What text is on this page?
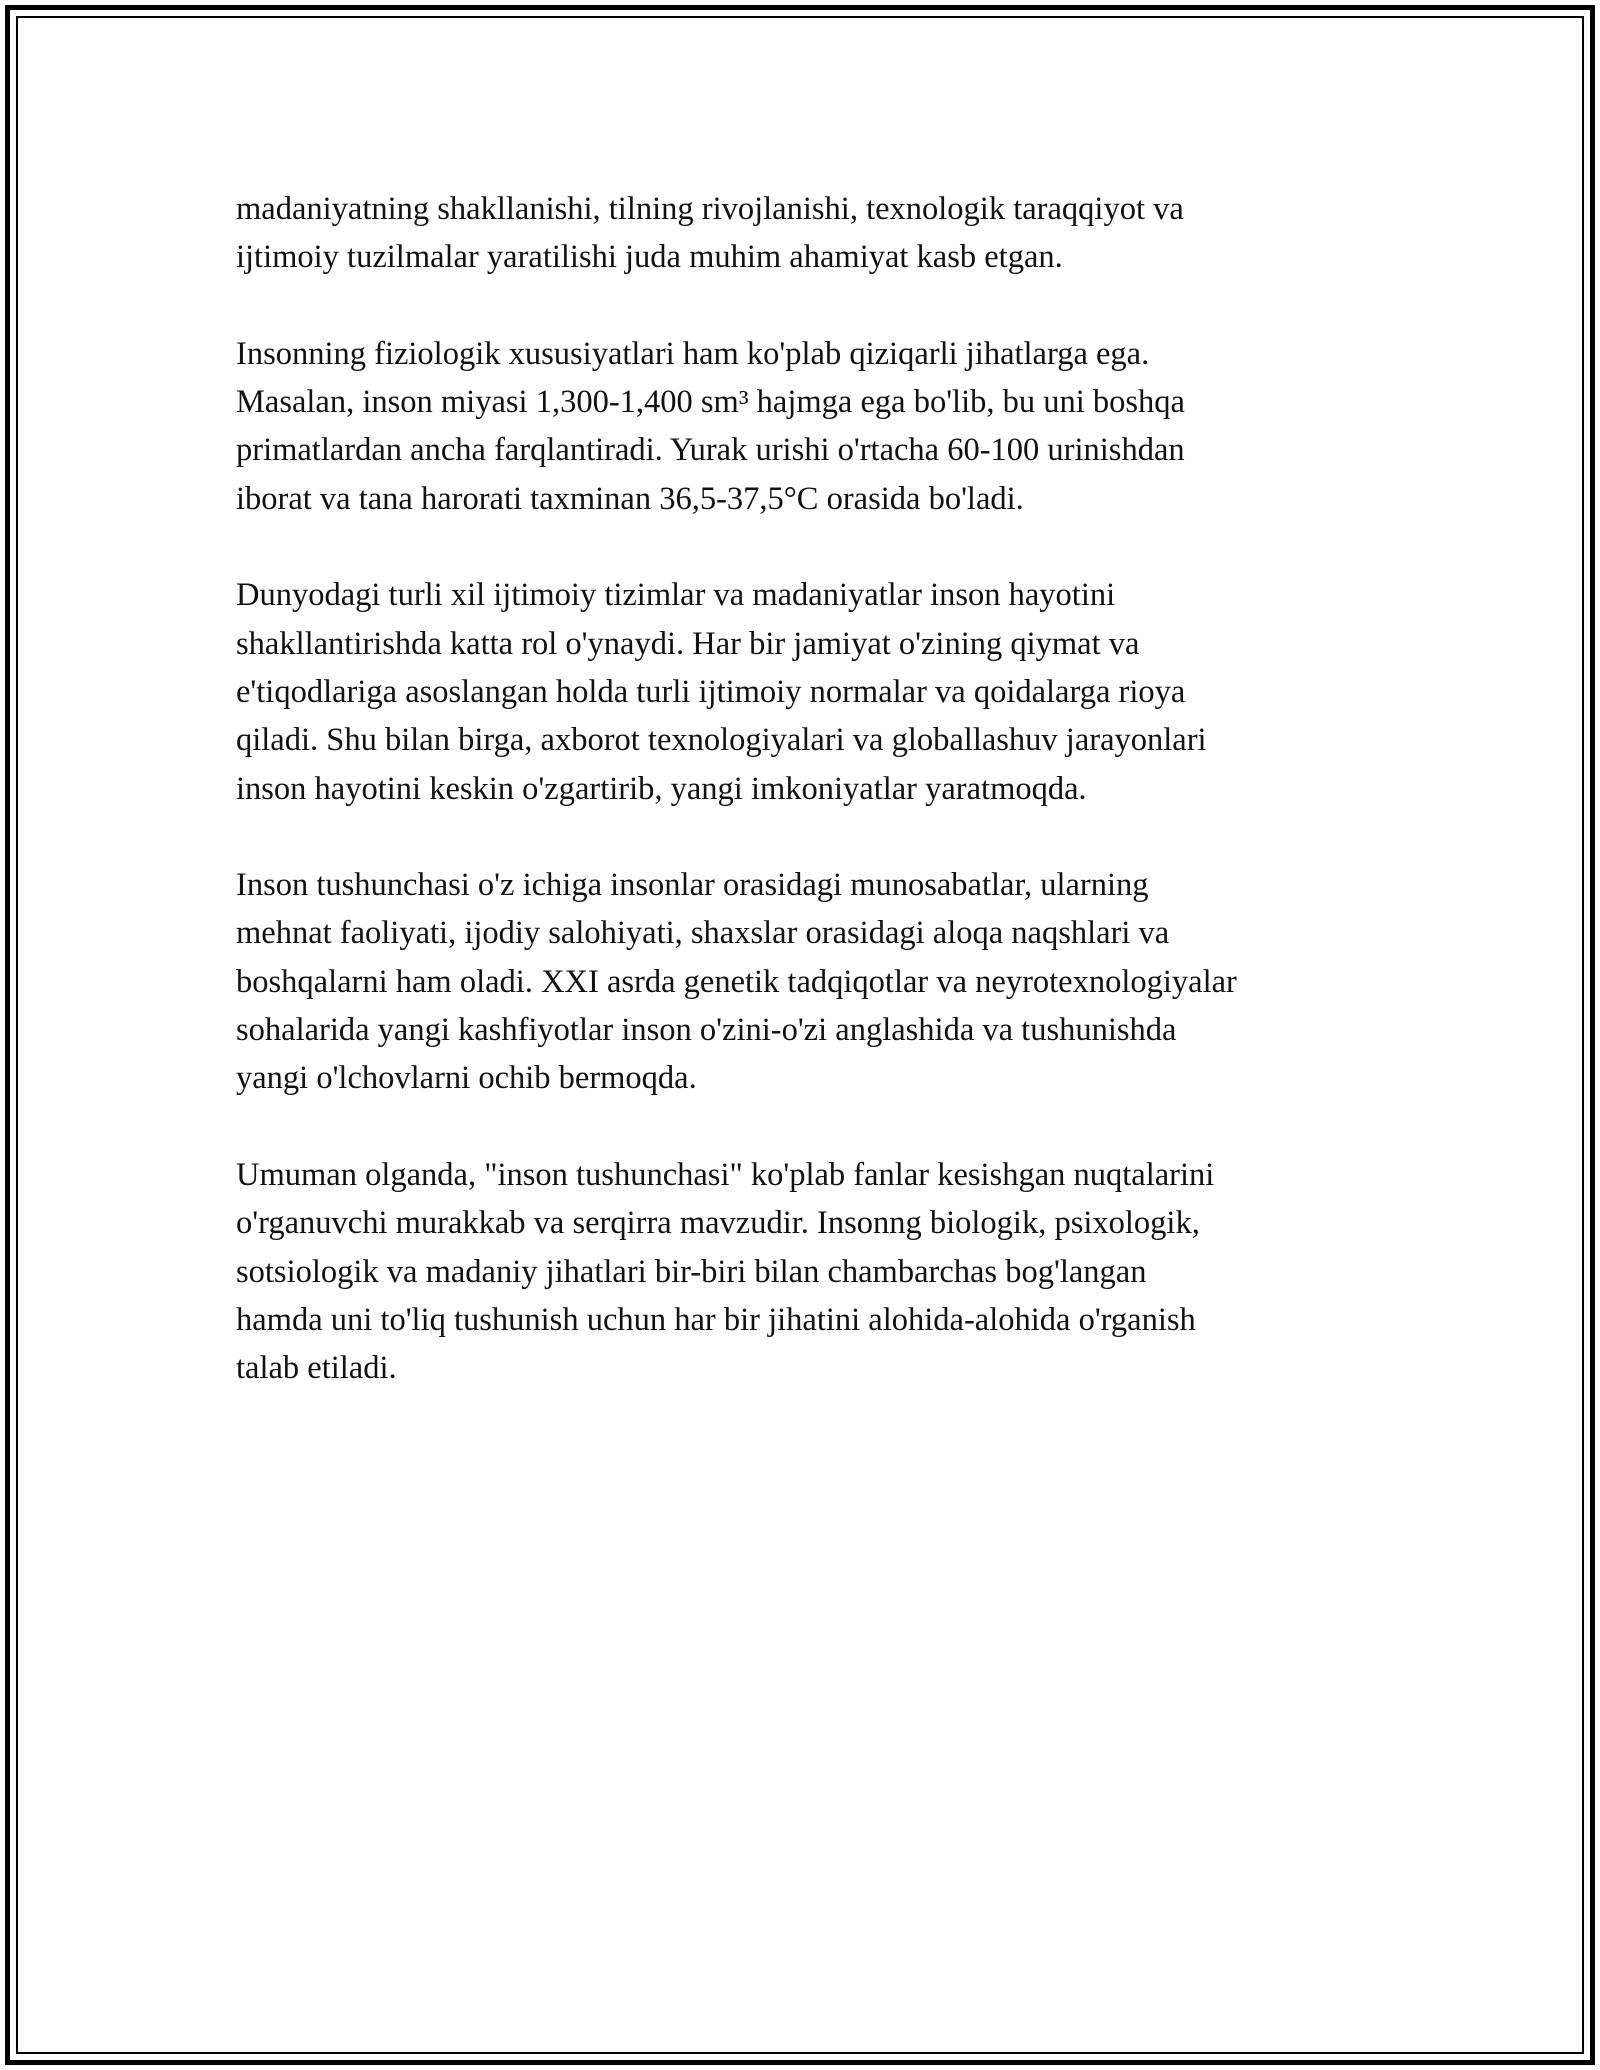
madaniyatning shakllanishi, tilning rivojlanishi, texnologik taraqqiyot va
ijtimoiy tuzilmalar yaratilishi juda muhim ahamiyat kasb etgan.

Insonning fiziologik xususiyatlari ham ko'plab qiziqarli jihatlarga ega.
Masalan, inson miyasi 1,300-1,400 sm³ hajmga ega bo'lib, bu uni boshqa
primatlardan ancha farqlantiradi. Yurak urishi o'rtacha 60-100 urinishdan
iborat va tana harorati taxminan 36,5-37,5°C orasida bo'ladi.

Dunyodagi turli xil ijtimoiy tizimlar va madaniyatlar inson hayotini
shakllantirishda katta rol o'ynaydi. Har bir jamiyat o'zining qiymat va
e'tiqodlariga asoslangan holda turli ijtimoiy normalar va qoidalarga rioya
qiladi. Shu bilan birga, axborot texnologiyalari va globallashuv jarayonlari
inson hayotini keskin o'zgartirib, yangi imkoniyatlar yaratmoqda.

Inson tushunchasi o'z ichiga insonlar orasidagi munosabatlar, ularning
mehnat faoliyati, ijodiy salohiyati, shaxslar orasidagi aloqa naqshlari va
boshqalarni ham oladi. XXI asrda genetik tadqiqotlar va neyrotexnologiyalar
sohalarida yangi kashfiyotlar inson o'zini-o'zi anglashida va tushunishda
yangi o'lchovlarni ochib bermoqda.

Umuman olganda, "inson tushunchasi" ko'plab fanlar kesishgan nuqtalarini
o'rganuvchi murakkab va serqirra mavzudir. Insonng biologik, psixologik,
sotsiologik va madaniy jihatlari bir-biri bilan chambarchas bog'langan
hamda uni to'liq tushunish uchun har bir jihatini alohida-alohida o'rganish
talab etiladi.
